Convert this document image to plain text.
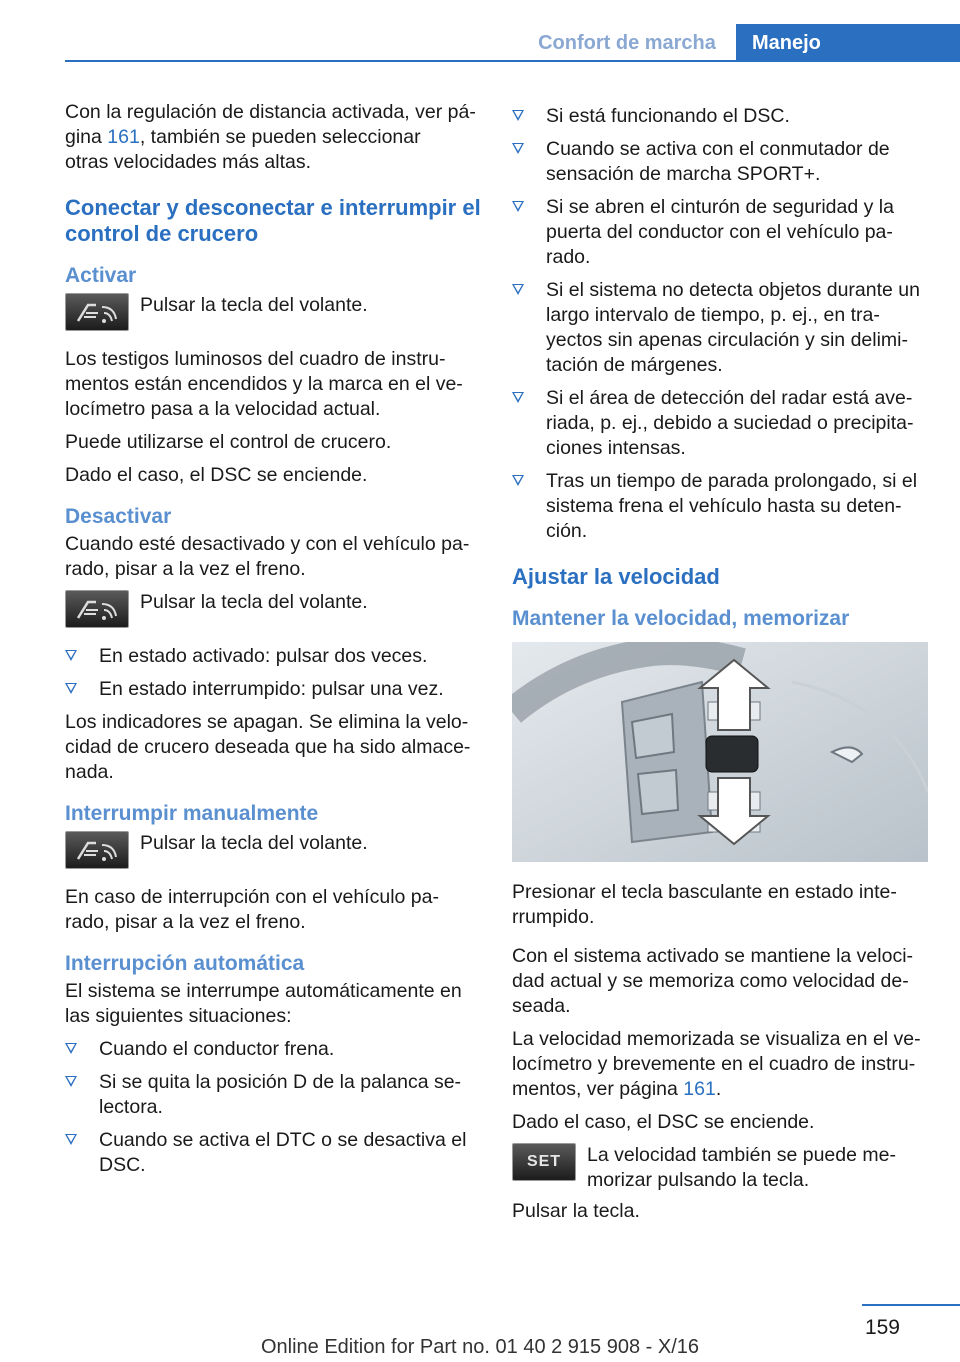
Confort de marcha	Manejo

Con la regulación de distancia activada, ver pá‐
gina 161, también se pueden seleccionar
otras velocidades más altas.

Conectar y desconectar e interrumpir el control de crucero
Activar
Pulsar la tecla del volante.

Los testigos luminosos del cuadro de instru‐ mentos están encendidos y la marca en el ve‐ locímetro pasa a la velocidad actual.

Puede utilizarse el control de crucero.

Dado el caso, el DSC se enciende.

Desactivar

Cuando esté desactivado y con el vehículo pa‐ rado, pisar a la vez el freno.

Pulsar la tecla del volante.
En estado activado: pulsar dos veces.
En estado interrumpido: pulsar una vez.

Los indicadores se apagan. Se elimina la velo‐ cidad de crucero deseada que ha sido almace‐ nada.

Interrumpir manualmente
Pulsar la tecla del volante.

En caso de interrupción con el vehículo pa‐ rado, pisar a la vez el freno.

Interrupción automática

El sistema se interrumpe automáticamente en las siguientes situaciones:

Cuando el conductor frena.
Si se quita la posición D de la palanca se‐ lectora.
Cuando se activa el DTC o se desactiva el DSC.
Si está funcionando el DSC.
Cuando se activa con el conmutador de sensación de marcha SPORT+.
Si se abren el cinturón de seguridad y la puerta del conductor con el vehículo pa‐ rado.
Si el sistema no detecta objetos durante un largo intervalo de tiempo, p. ej., en tra‐ yectos sin apenas circulación y sin delimi‐ tación de márgenes.
Si el área de detección del radar está ave‐ riada, p. ej., debido a suciedad o precipita‐ ciones intensas.
Tras un tiempo de parada prolongado, si el sistema frena el vehículo hasta su deten‐ ción.
Ajustar la velocidad
Mantener la velocidad, memorizar

Presionar el tecla basculante en estado inte‐ rrumpido.

Con el sistema activado se mantiene la veloci‐ dad actual y se memoriza como velocidad de‐ seada.

La velocidad memorizada se visualiza en el ve‐ locímetro y brevemente en el cuadro de instru‐ mentos, ver página 161.

Dado el caso, el DSC se enciende.

SET	La velocidad también se puede me‐ morizar pulsando la tecla.

Pulsar la tecla.

159
Online Edition for Part no. 01 40 2 915 908 - X/16
